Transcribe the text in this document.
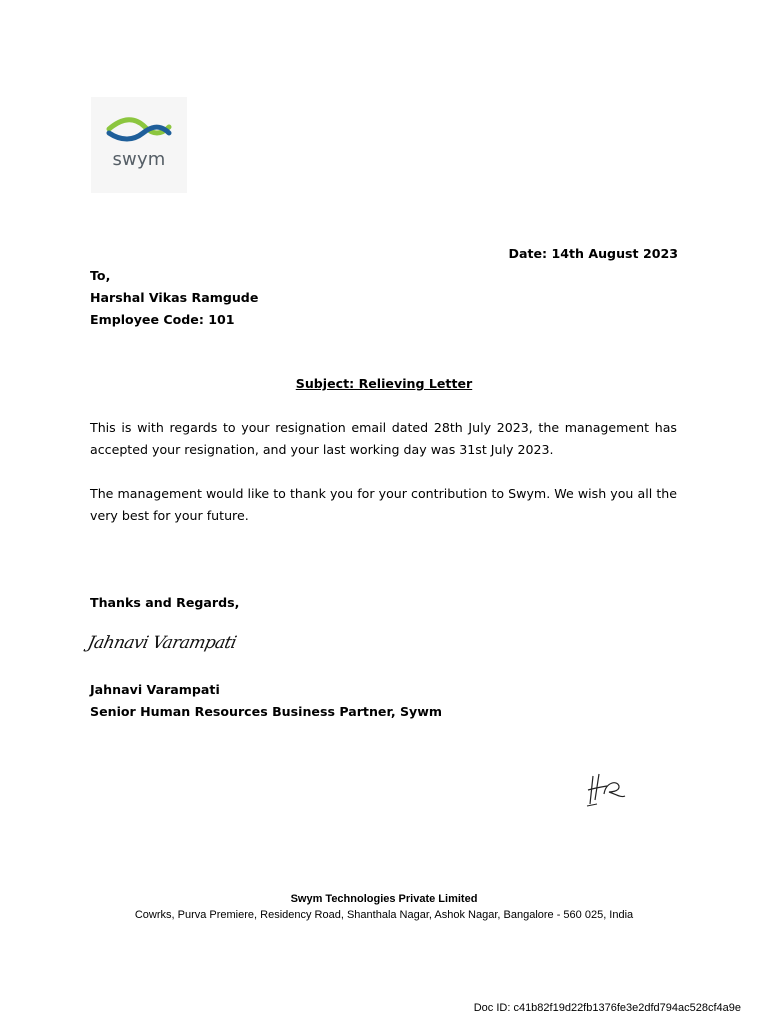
swym
Date: 14th August 2023
To,
Harshal Vikas Ramgude
Employee Code: 101
Subject: Relieving Letter
This is with regards to your resignation email dated 28th July 2023, the management has accepted your resignation, and your last working day was 31st July 2023.
The management would like to thank you for your contribution to Swym. We wish you all the very best for your future.
Thanks and Regards,
Jahnavi Varampati
Jahnavi Varampati
Senior Human Resources Business Partner, Sywm
Swym Technologies Private Limited
Cowrks, Purva Premiere, Residency Road, Shanthala Nagar, Ashok Nagar, Bangalore - 560 025, India
Doc ID: c41b82f19d22fb1376fe3e2dfd794ac528cf4a9e
